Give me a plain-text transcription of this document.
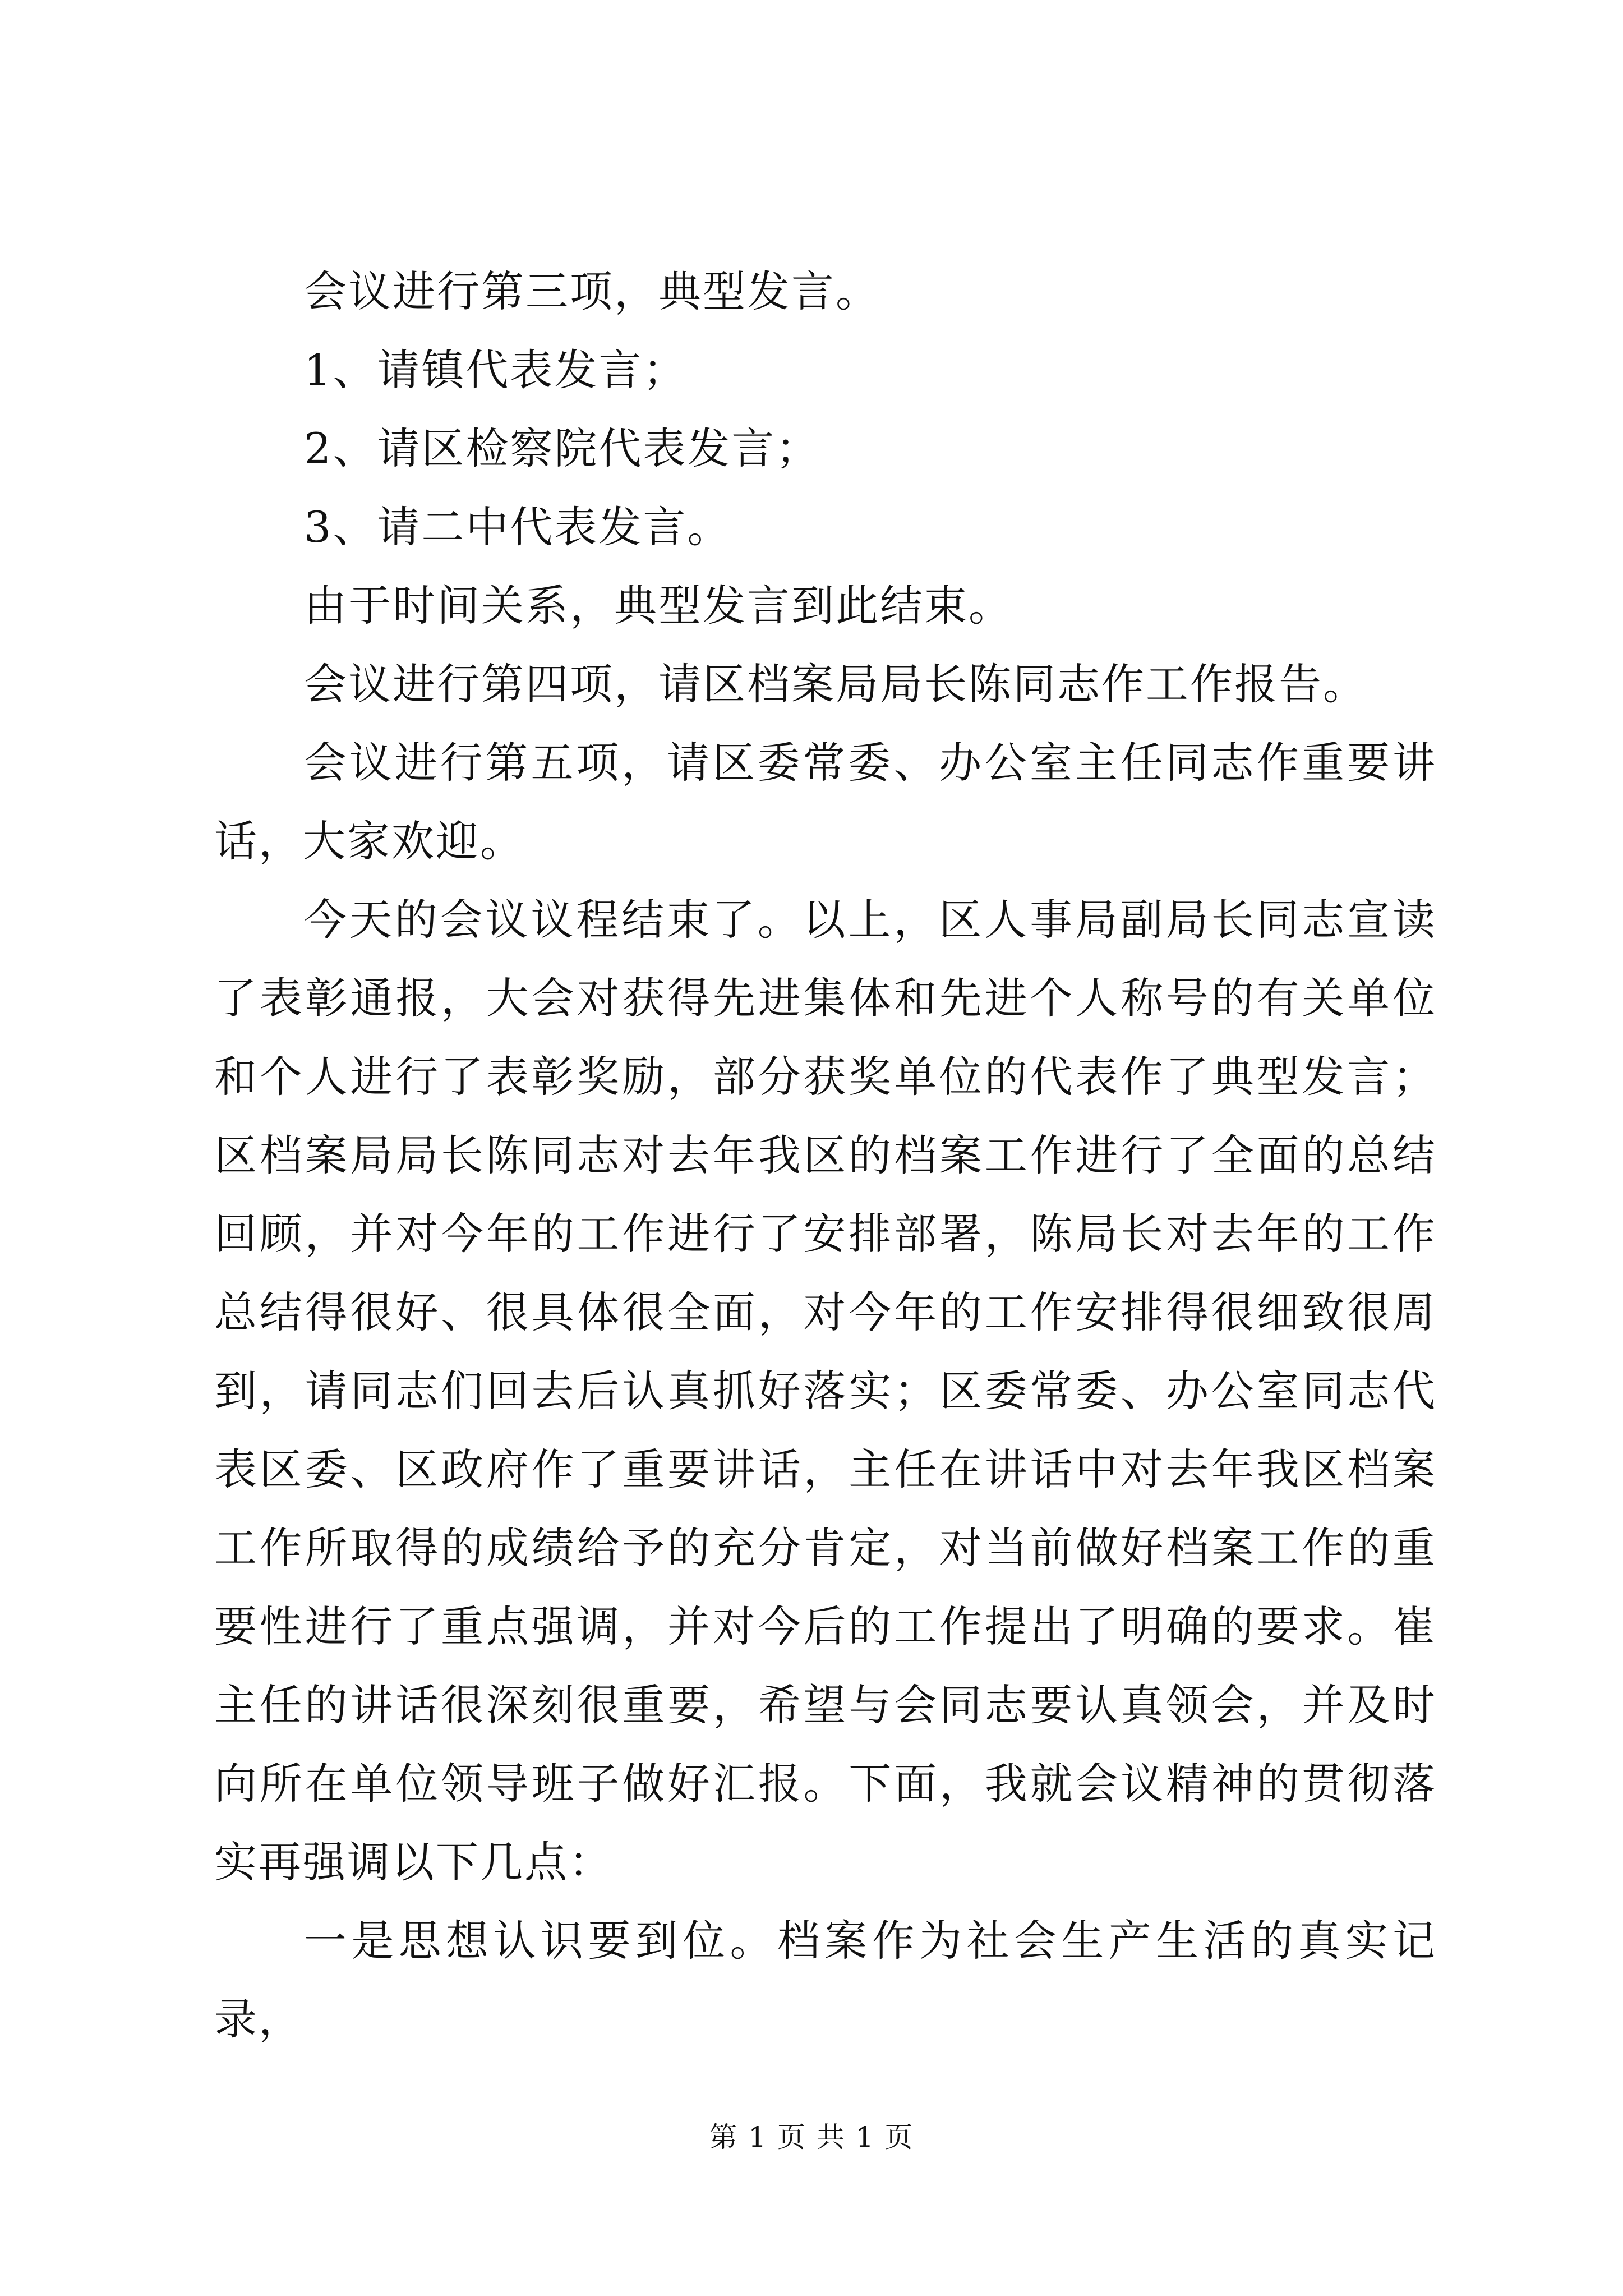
会议进行第三项，典型发言。

1、请镇代表发言；

2、请区检察院代表发言；

3、请二中代表发言。

由于时间关系，典型发言到此结束。

会议进行第四项，请区档案局局长陈同志作工作报告。

会议进行第五项，请区委常委、办公室主任同志作重要讲话，大家欢迎。

今天的会议议程结束了。以上，区人事局副局长同志宣读了表彰通报，大会对获得先进集体和先进个人称号的有关单位和个人进行了表彰奖励，部分获奖单位的代表作了典型发言；区档案局局长陈同志对去年我区的档案工作进行了全面的总结回顾，并对今年的工作进行了安排部署，陈局长对去年的工作总结得很好、很具体很全面，对今年的工作安排得很细致很周到，请同志们回去后认真抓好落实；区委常委、办公室同志代表区委、区政府作了重要讲话，主任在讲话中对去年我区档案工作所取得的成绩给予的充分肯定，对当前做好档案工作的重要性进行了重点强调，并对今后的工作提出了明确的要求。崔主任的讲话很深刻很重要，希望与会同志要认真领会，并及时向所在单位领导班子做好汇报。下面，我就会议精神的贯彻落实再强调以下几点：

一是思想认识要到位。档案作为社会生产生活的真实记录，

第 1 页 共 1 页
